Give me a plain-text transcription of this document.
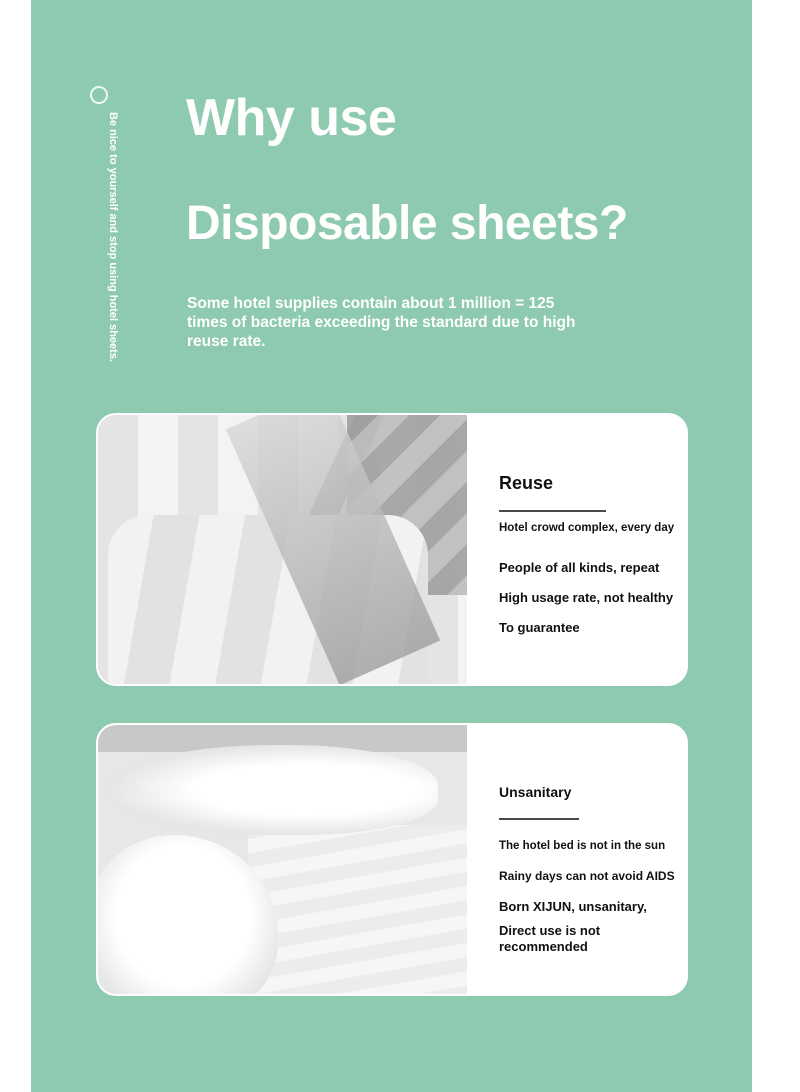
Be nice to yourself and stop using hotel sheets. Why use
Disposable sheets?

Some hotel supplies contain about 1 million = 125 times of bacteria exceeding the standard due to high reuse rate.

Reuse

Hotel crowd complex, every day

People of all kinds, repeat

High usage rate, not healthy

To guarantee

Unsanitary

The hotel bed is not in the sun

Rainy days can not avoid AIDS

Born XIJUN, unsanitary,

Direct use is not recommended
